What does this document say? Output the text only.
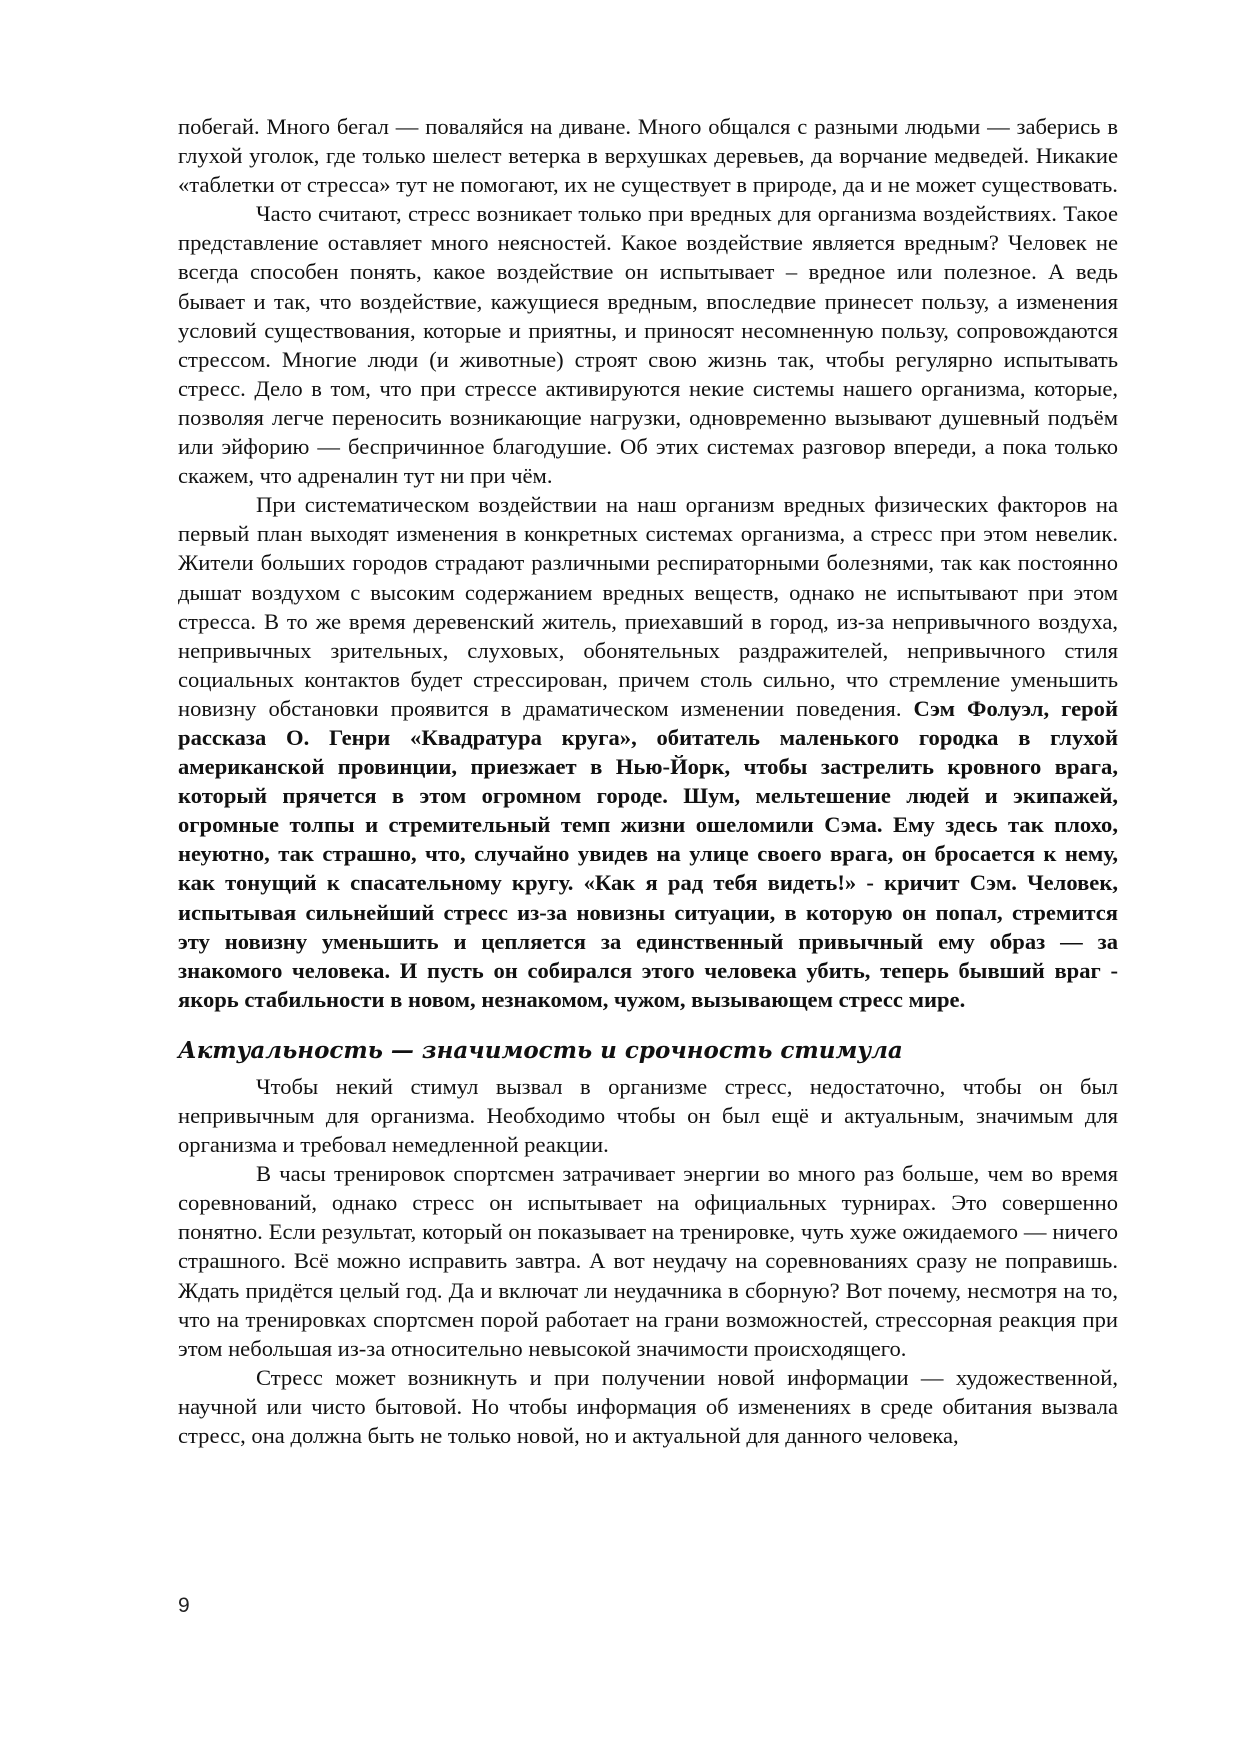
побегай. Много бегал — поваляйся на диване. Много общался с разными людьми — заберись в глухой уголок, где только шелест ветерка в верхушках деревьев, да ворчание медведей. Никакие «таблетки от стресса» тут не помогают, их не существует в природе, да и не может существовать.

Часто считают, стресс возникает только при вредных для организма воздействиях. Такое представление оставляет много неясностей. Какое воздействие является вредным? Человек не всегда способен понять, какое воздействие он испытывает – вредное или полезное. А ведь бывает и так, что воздействие, кажущиеся вредным, впоследвие принесет пользу, а изменения условий существования, которые и приятны, и приносят несомненную пользу, сопровождаются стрессом. Многие люди (и животные) строят свою жизнь так, чтобы регулярно испытывать стресс. Дело в том, что при стрессе активируются некие системы нашего организма, которые, позволяя легче переносить возникающие нагрузки, одновременно вызывают душевный подъём или эйфорию — беспричинное благодушие. Об этих системах разговор впереди, а пока только скажем, что адреналин тут ни при чём.

При систематическом воздействии на наш организм вредных физических факторов на первый план выходят изменения в конкретных системах организма, а стресс при этом невелик. Жители больших городов страдают различными респираторными болезнями, так как постоянно дышат воздухом с высоким содержанием вредных веществ, однако не испытывают при этом стресса. В то же время деревенский житель, приехавший в город, из-за непривычного воздуха, непривычных зрительных, слуховых, обонятельных раздражителей, непривычного стиля социальных контактов будет стрессирован, причем столь сильно, что стремление уменьшить новизну обстановки проявится в драматическом изменении поведения. Сэм Фолуэл, герой рассказа О. Генри «Квадратура круга», обитатель маленького городка в глухой американской провинции, приезжает в Нью-Йорк, чтобы застрелить кровного врага, который прячется в этом огромном городе. Шум, мельтешение людей и экипажей, огромные толпы и стремительный темп жизни ошеломили Сэма. Ему здесь так плохо, неуютно, так страшно, что, случайно увидев на улице своего врага, он бросается к нему, как тонущий к спасательному кругу. «Как я рад тебя видеть!» - кричит Сэм. Человек, испытывая сильнейший стресс из-за новизны ситуации, в которую он попал, стремится эту новизну уменьшить и цепляется за единственный привычный ему образ — за знакомого человека. И пусть он собирался этого человека убить, теперь бывший враг - якорь стабильности в новом, незнакомом, чужом, вызывающем стресс мире.

Актуальность — значимость и срочность стимула

Чтобы некий стимул вызвал в организме стресс, недостаточно, чтобы он был непривычным для организма. Необходимо чтобы он был ещё и актуальным, значимым для организма и требовал немедленной реакции.

В часы тренировок спортсмен затрачивает энергии во много раз больше, чем во время соревнований, однако стресс он испытывает на официальных турнирах. Это совершенно понятно. Если результат, который он показывает на тренировке, чуть хуже ожидаемого — ничего страшного. Всё можно исправить завтра. А вот неудачу на соревнованиях сразу не поправишь. Ждать придётся целый год. Да и включат ли неудачника в сборную? Вот почему, несмотря на то, что на тренировках спортсмен порой работает на грани возможностей, стрессорная реакция при этом небольшая из-за относительно невысокой значимости происходящего.

Стресс может возникнуть и при получении новой информации — художественной, научной или чисто бытовой. Но чтобы информация об изменениях в среде обитания вызвала стресс, она должна быть не только новой, но и актуальной для данного человека,

9
